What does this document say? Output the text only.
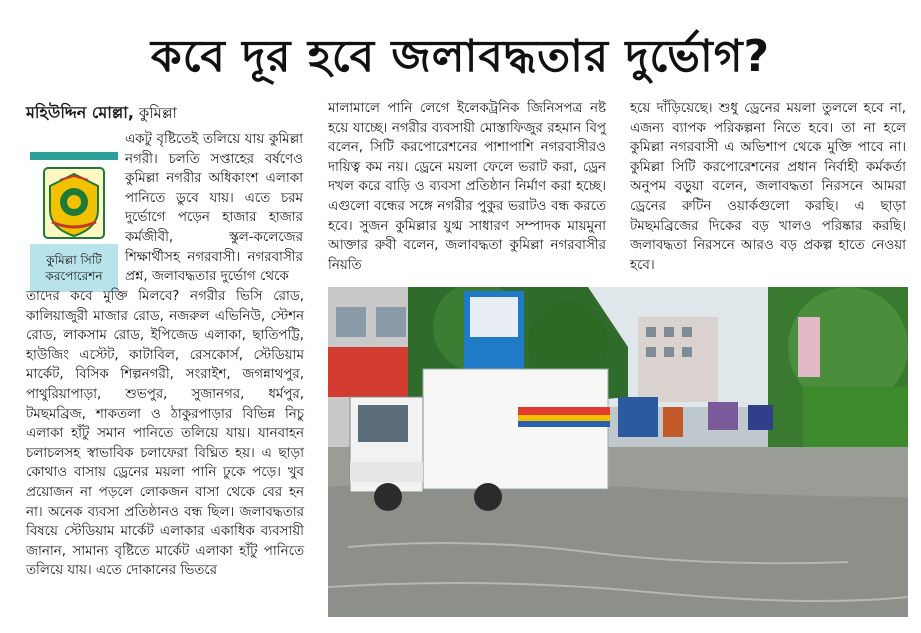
কবে দূর হবে জলাবদ্ধতার দুর্ভোগ?
মহিউদ্দিন মোল্লা, কুমিল্লা
কুমিল্লা সিটি
করপোরেশন

একটু বৃষ্টিতেই তলিয়ে যায় কুমিল্লা নগরী। চলতি সপ্তাহের বর্ষণেও কুমিল্লা নগরীর অধিকাংশ এলাকা পানিতে ডুবে যায়। এতে চরম দুর্ভোগে পড়েন হাজার হাজার কর্মজীবী, স্কুল-কলেজের শিক্ষার্থীসহ নগরবাসী। নগরবাসীর প্রশ্ন, জলাবদ্ধতার দুর্ভোগ থেকে

তাদের কবে মুক্তি মিলবে? নগরীর ভিসি রোড, কালিয়াজুরী মাজার রোড, নজরুল এভিনিউ, স্টেশন রোড, লাকসাম রোড, ইপিজেড এলাকা, ছাতিপট্টি, হাউজিং এস্টেট, কাটাবিল, রেসকোর্স, স্টেডিয়াম মার্কেট, বিসিক শিল্পনগরী, সংরাইশ, জগন্নাথপুর, পাথুরিয়াপাড়া, শুভপুর, সুজানগর, ধর্মপুর, টমছমব্রিজ, শাকতলা ও ঠাকুরপাড়ার বিভিন্ন নিচু এলাকা হাঁটু সমান পানিতে তলিয়ে যায়। যানবাহন চলাচলসহ স্বাভাবিক চলাফেরা বিঘ্নিত হয়। এ ছাড়া কোথাও বাসায় ড্রেনের ময়লা পানি ঢুকে পড়ে। খুব প্রয়োজন না পড়লে লোকজন বাসা থেকে বের হন না। অনেক ব্যবসা প্রতিষ্ঠানও বন্ধ ছিল। জলাবদ্ধতার বিষয়ে স্টেডিয়াম মার্কেট এলাকার একাধিক ব্যবসায়ী জানান, সামান্য বৃষ্টিতে মার্কেট এলাকা হাঁটু পানিতে তলিয়ে যায়। এতে দোকানের ভিতরে

মালামালে পানি লেগে ইলেকট্রনিক জিনিসপত্র নষ্ট হয়ে যাচ্ছে। নগরীর ব্যবসায়ী মোস্তাফিজুর রহমান বিপু বলেন, সিটি করপোরেশনের পাশাপাশি নগরবাসীরও দায়িত্ব কম নয়। ড্রেনে ময়লা ফেলে ভরাট করা, ড্রেন দখল করে বাড়ি ও ব্যবসা প্রতিষ্ঠান নির্মাণ করা হচ্ছে। এগুলো বন্ধের সঙ্গে নগরীর পুকুর ভরাটও বন্ধ করতে হবে। সুজন কুমিল্লার যুগ্ম সাধারণ সম্পাদক মায়মুনা আক্তার রুবী বলেন, জলাবদ্ধতা কুমিল্লা নগরবাসীর নিয়তি

হয়ে দাঁড়িয়েছে। শুধু ড্রেনের ময়লা তুললে হবে না, এজন্য ব্যাপক পরিকল্পনা নিতে হবে। তা না হলে কুমিল্লা নগরবাসী এ অভিশাপ থেকে মুক্তি পাবে না। কুমিল্লা সিটি করপোরেশনের প্রধান নির্বাহী কর্মকর্তা অনুপম বড়ুয়া বলেন, জলাবদ্ধতা নিরসনে আমরা ড্রেনের রুটিন ওয়ার্কগুলো করছি। এ ছাড়া টমছমব্রিজের দিকের বড় খালও পরিষ্কার করছি। জলাবদ্ধতা নিরসনে আরও বড় প্রকল্প হাতে নেওয়া হবে।
